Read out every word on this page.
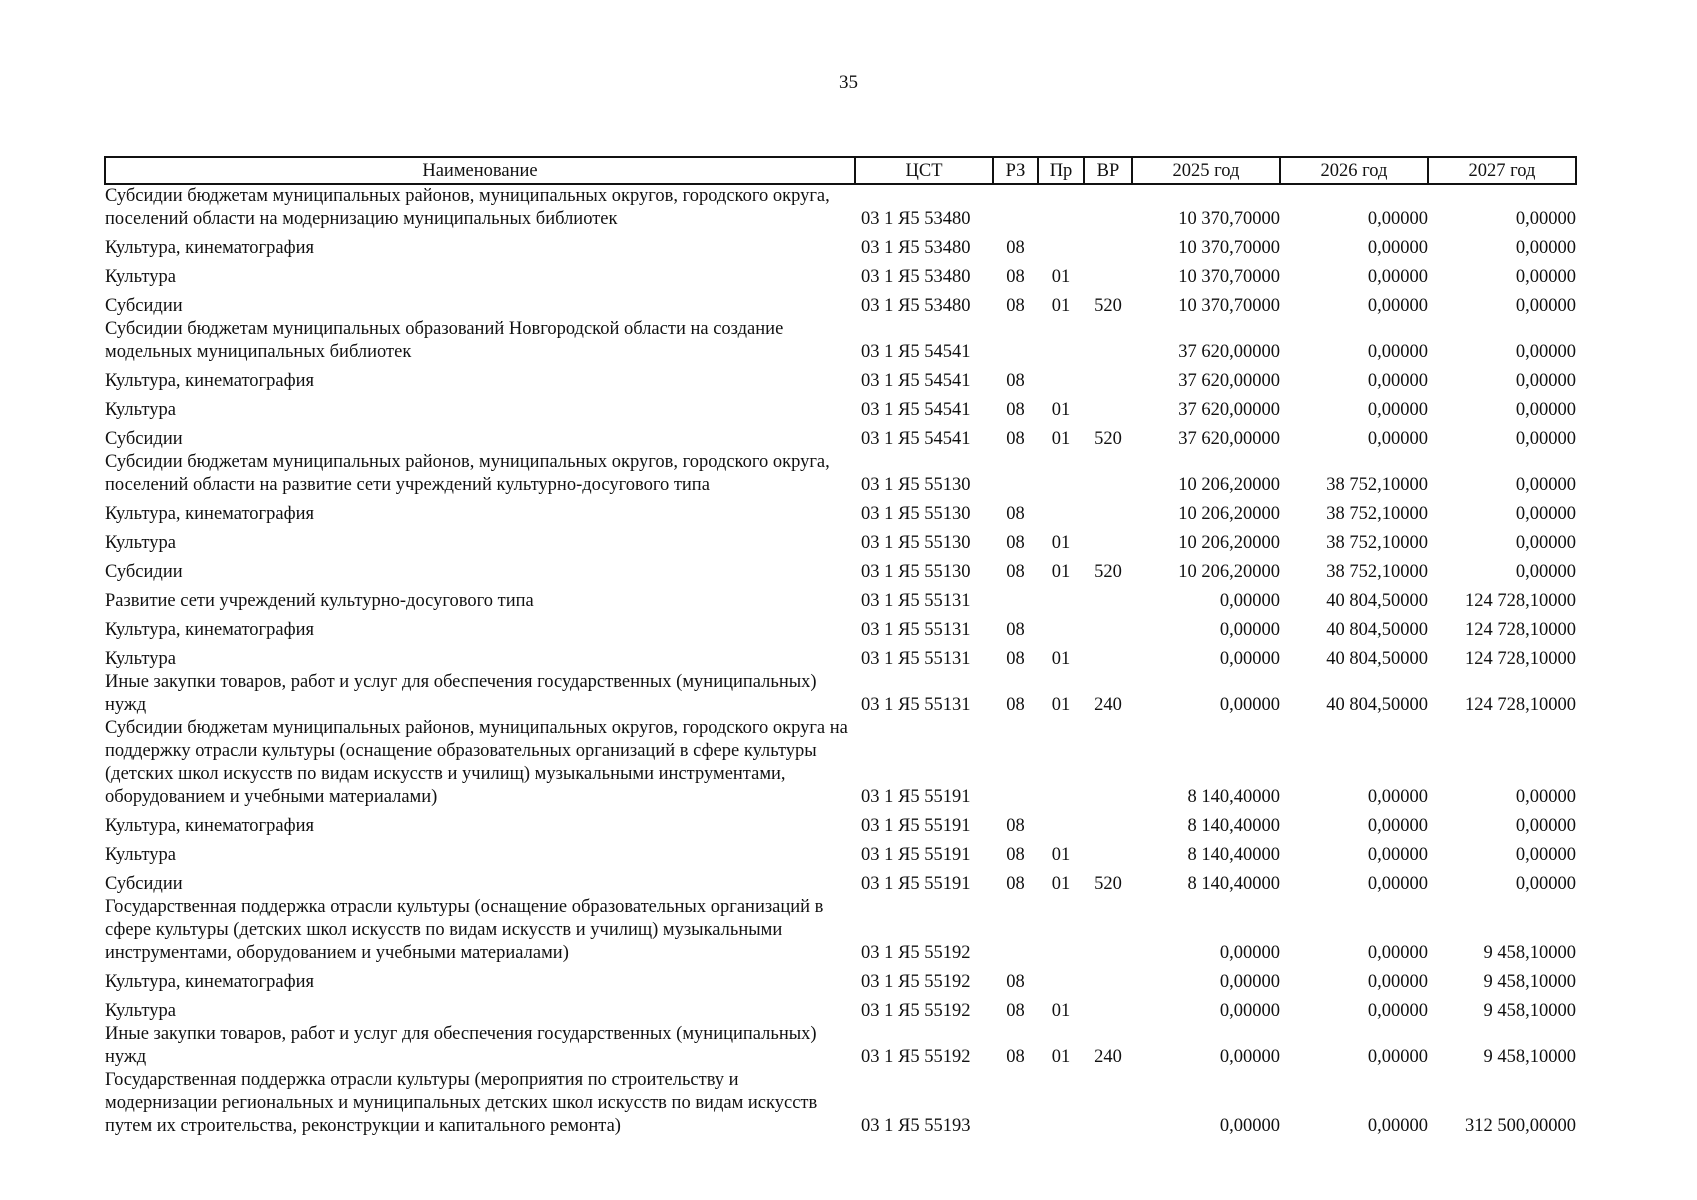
35
Наименование	ЦСТ	РЗ	Пр	ВР	2025 год	2026 год	2027 год
Субсидии бюджетам муниципальных районов, муниципальных округов, городского округа, поселений области на модернизацию муниципальных библиотек	03 1 Я5 53480				10 370,70000	0,00000	0,00000
Культура, кинематография	03 1 Я5 53480	08			10 370,70000	0,00000	0,00000
Культура	03 1 Я5 53480	08	01		10 370,70000	0,00000	0,00000
Субсидии	03 1 Я5 53480	08	01	520	10 370,70000	0,00000	0,00000
Субсидии бюджетам муниципальных образований Новгородской области на создание модельных муниципальных библиотек	03 1 Я5 54541				37 620,00000	0,00000	0,00000
Культура, кинематография	03 1 Я5 54541	08			37 620,00000	0,00000	0,00000
Культура	03 1 Я5 54541	08	01		37 620,00000	0,00000	0,00000
Субсидии	03 1 Я5 54541	08	01	520	37 620,00000	0,00000	0,00000
Субсидии бюджетам муниципальных районов, муниципальных округов, городского округа, поселений области на развитие сети учреждений культурно-досугового типа	03 1 Я5 55130				10 206,20000	38 752,10000	0,00000
Культура, кинематография	03 1 Я5 55130	08			10 206,20000	38 752,10000	0,00000
Культура	03 1 Я5 55130	08	01		10 206,20000	38 752,10000	0,00000
Субсидии	03 1 Я5 55130	08	01	520	10 206,20000	38 752,10000	0,00000
Развитие сети учреждений культурно-досугового типа	03 1 Я5 55131				0,00000	40 804,50000	124 728,10000
Культура, кинематография	03 1 Я5 55131	08			0,00000	40 804,50000	124 728,10000
Культура	03 1 Я5 55131	08	01		0,00000	40 804,50000	124 728,10000
Иные закупки товаров, работ и услуг для обеспечения государственных (муниципальных) нужд	03 1 Я5 55131	08	01	240	0,00000	40 804,50000	124 728,10000
Субсидии бюджетам муниципальных районов, муниципальных округов, городского округа на поддержку отрасли культуры (оснащение образовательных организаций в сфере культуры (детских школ искусств по видам искусств и училищ) музыкальными инструментами, оборудованием и учебными материалами)	03 1 Я5 55191				8 140,40000	0,00000	0,00000
Культура, кинематография	03 1 Я5 55191	08			8 140,40000	0,00000	0,00000
Культура	03 1 Я5 55191	08	01		8 140,40000	0,00000	0,00000
Субсидии	03 1 Я5 55191	08	01	520	8 140,40000	0,00000	0,00000
Государственная поддержка отрасли культуры (оснащение образовательных организаций в сфере культуры (детских школ искусств по видам искусств и училищ) музыкальными инструментами, оборудованием и учебными материалами)	03 1 Я5 55192				0,00000	0,00000	9 458,10000
Культура, кинематография	03 1 Я5 55192	08			0,00000	0,00000	9 458,10000
Культура	03 1 Я5 55192	08	01		0,00000	0,00000	9 458,10000
Иные закупки товаров, работ и услуг для обеспечения государственных (муниципальных) нужд	03 1 Я5 55192	08	01	240	0,00000	0,00000	9 458,10000
Государственная поддержка отрасли культуры (мероприятия по строительству и модернизации региональных и муниципальных детских школ искусств по видам искусств путем их строительства, реконструкции и капитального ремонта)	03 1 Я5 55193				0,00000	0,00000	312 500,00000
